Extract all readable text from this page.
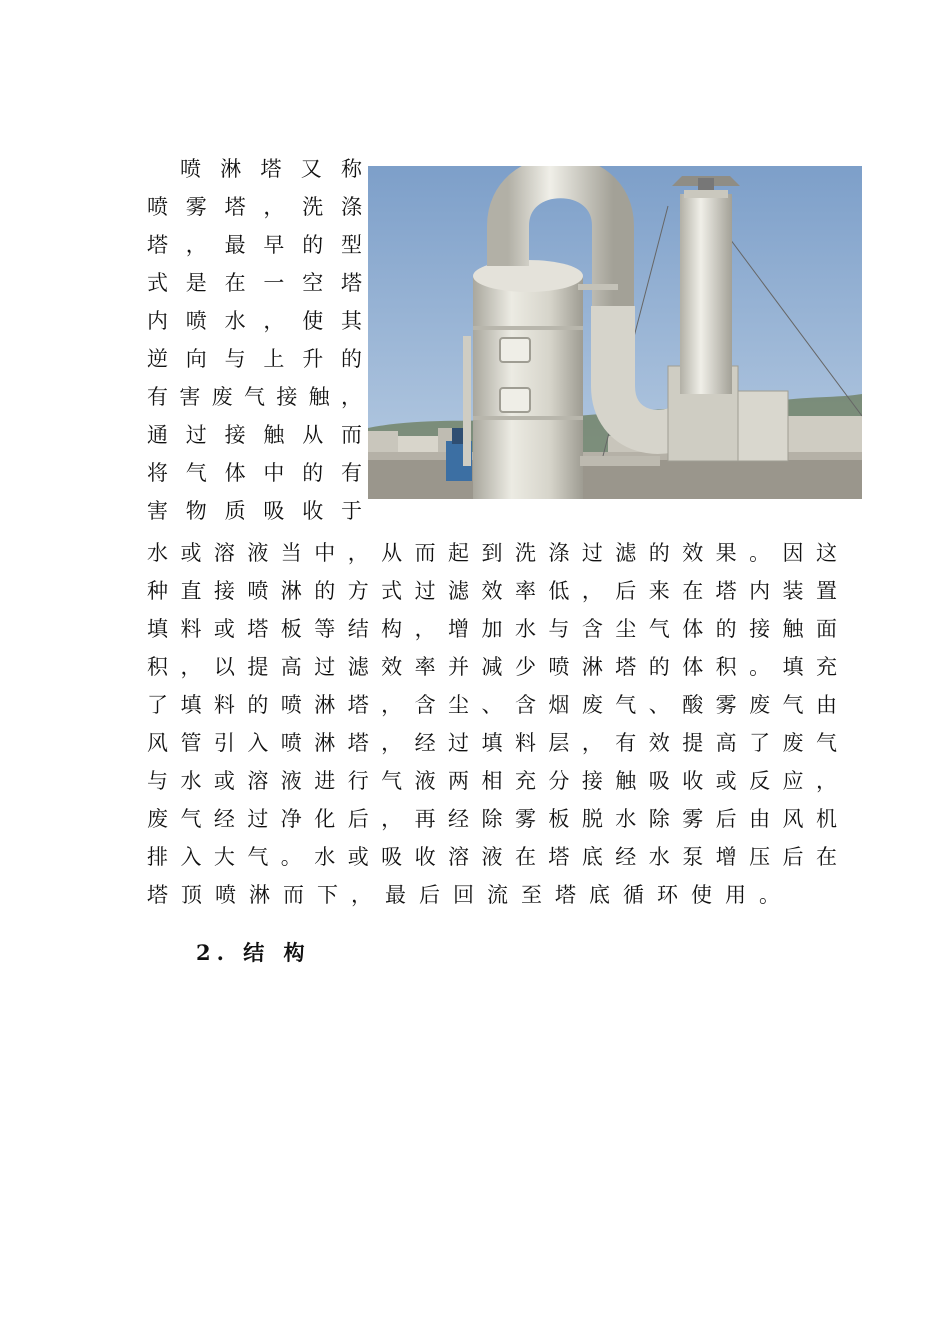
喷淋塔又称
喷雾塔，洗涤
塔，最早的型
式是在一空塔
内喷水，使其
逆向与上升的
有害废气接触，
通过接触从而
将气体中的有
害物质吸收于
水或溶液当中，从而起到洗涤过滤的效果。因这
种直接喷淋的方式过滤效率低，后来在塔内装置
填料或塔板等结构，增加水与含尘气体的接触面
积，以提高过滤效率并减少喷淋塔的体积。填充
了填料的喷淋塔，含尘、含烟废气、酸雾废气由
风管引入喷淋塔，经过填料层，有效提高了废气
与水或溶液进行气液两相充分接触吸收或反应，
废气经过净化后，再经除雾板脱水除雾后由风机
排入大气。水或吸收溶液在塔底经水泵增压后在
塔顶喷淋而下，最后回流至塔底循环使用。
2. 结 构
